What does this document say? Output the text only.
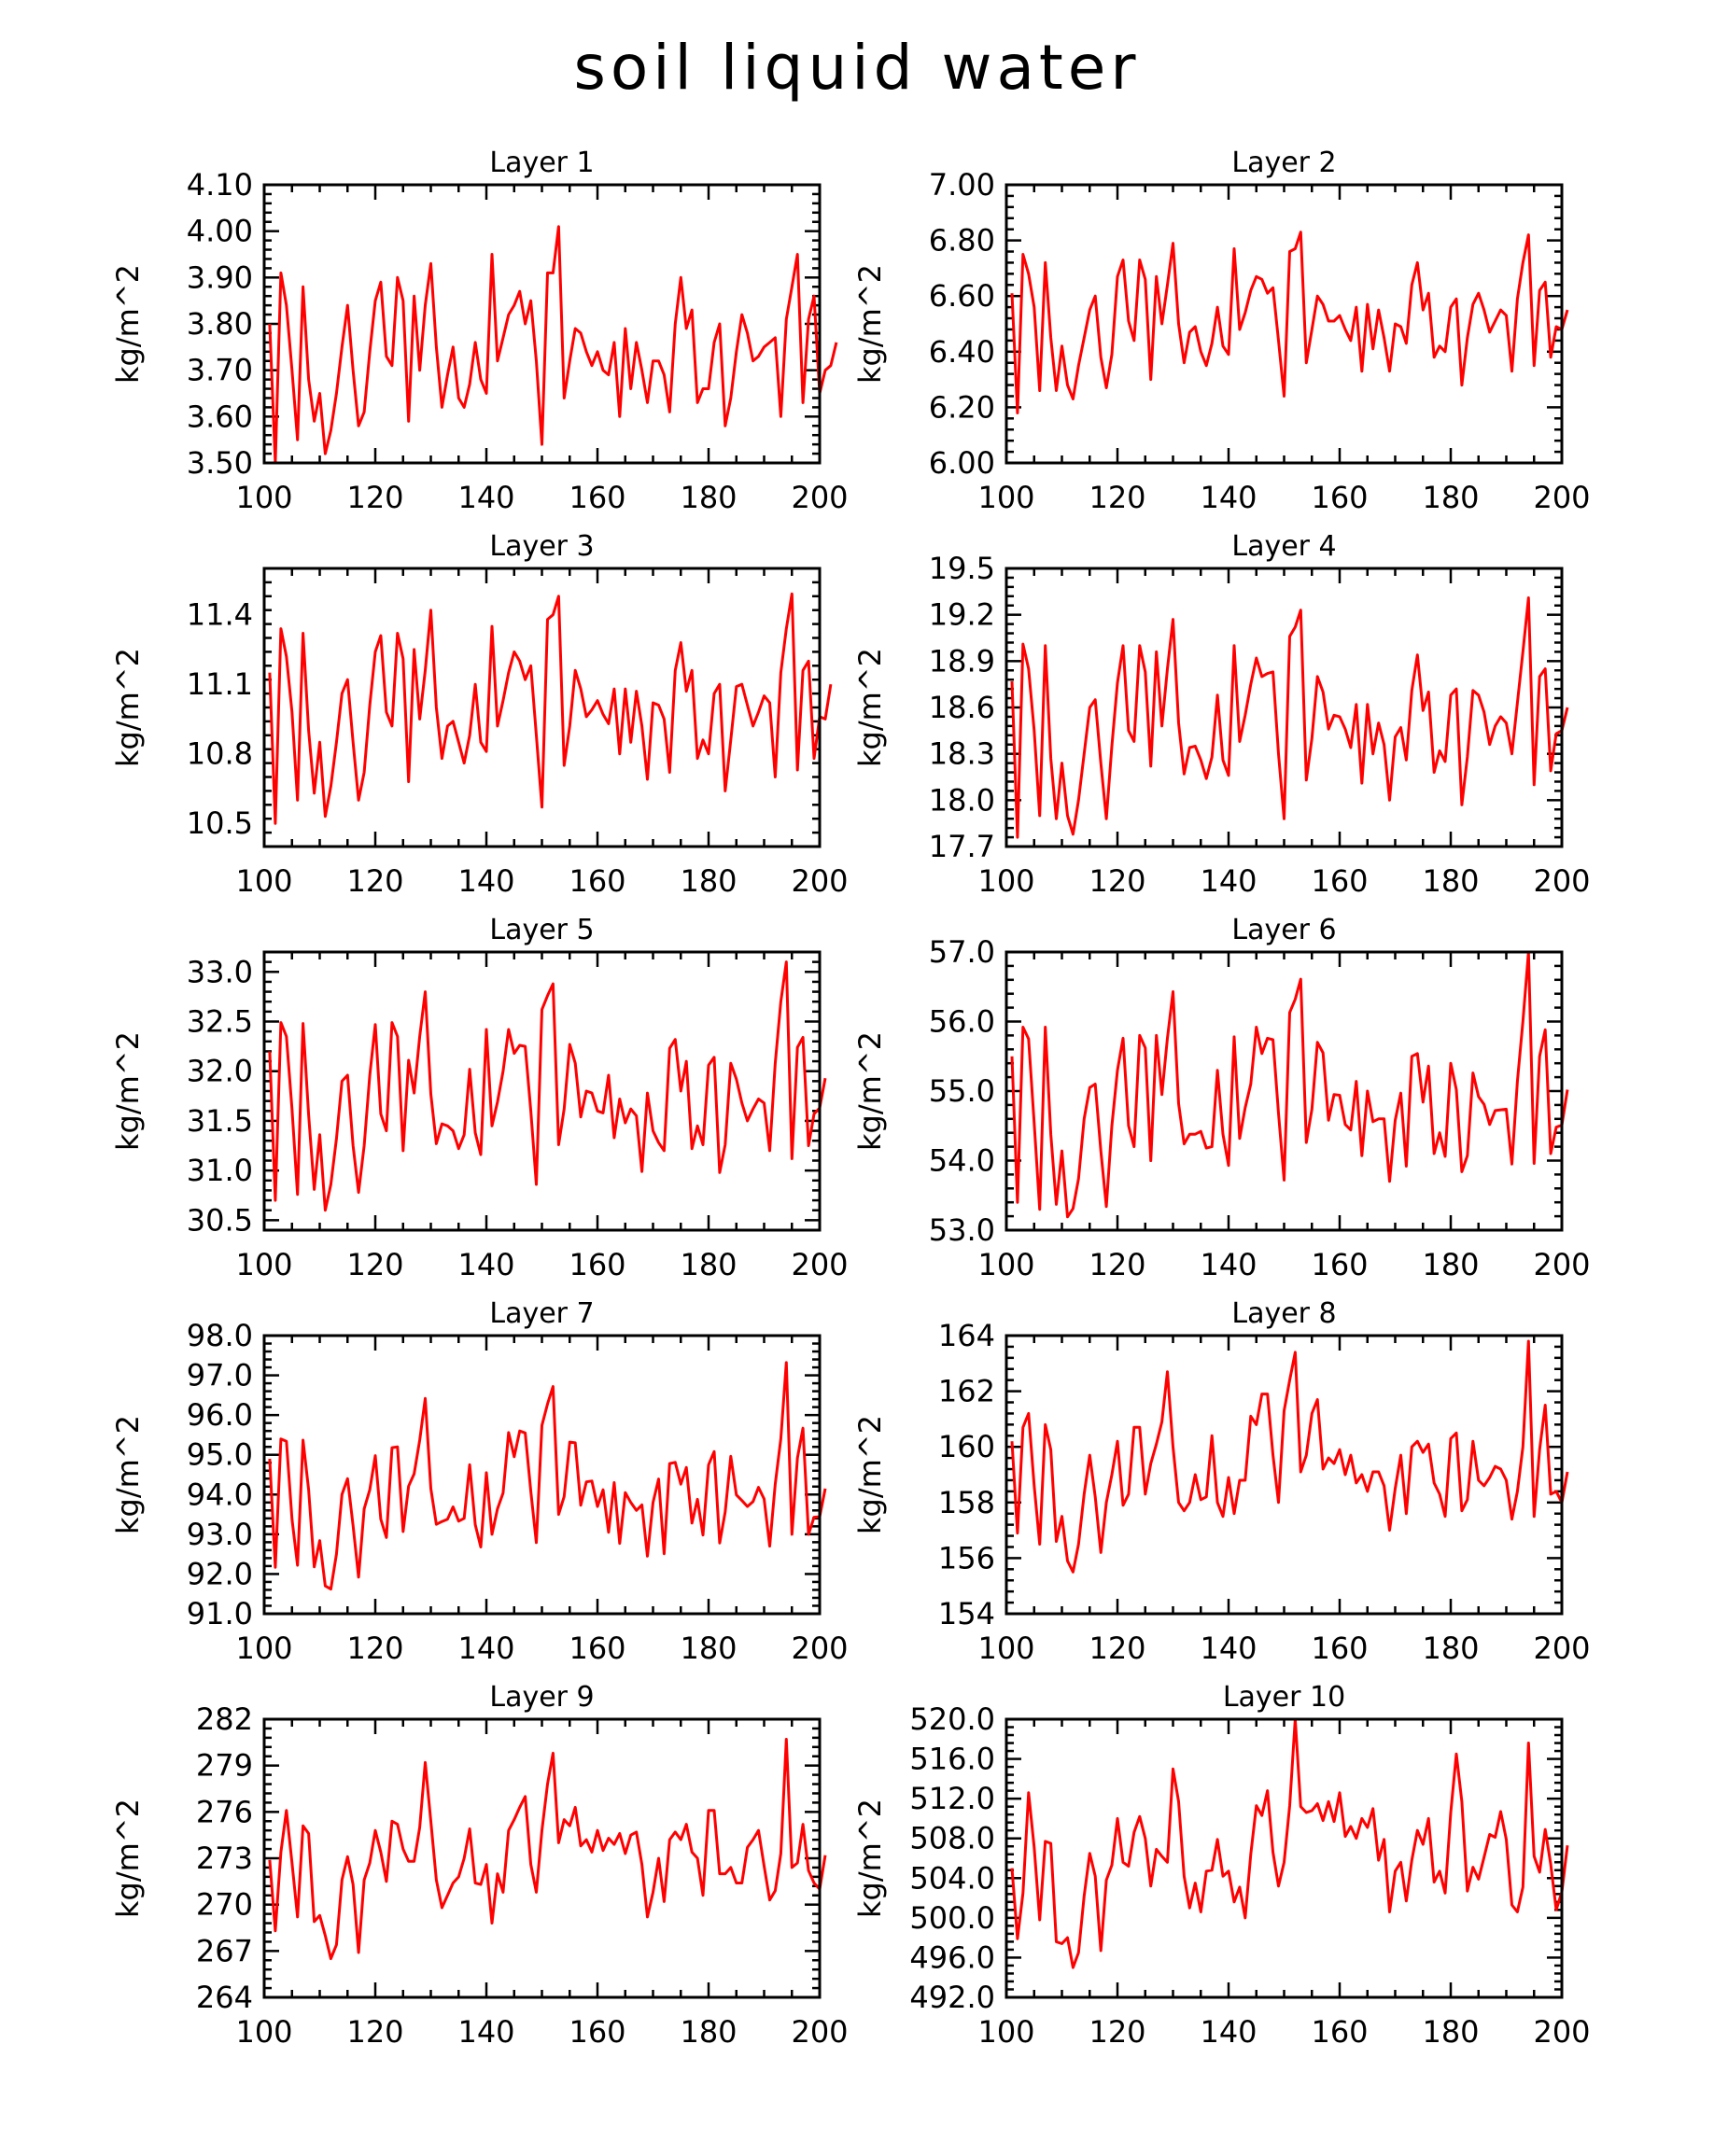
soil liquid water
Layer 1
kg/m^2
100 120 140 160 180 200
3.50
3.60
3.70
3.80
3.90
4.00
4.10
Layer 2
kg/m^2
100 120 140 160 180 200
6.00
6.20
6.40
6.60
6.80
7.00
Layer 3
kg/m^2
100 120 140 160 180 200
10.5
10.8
11.1
11.4
Layer 4
kg/m^2
100 120 140 160 180 200
17.7
18.0
18.3
18.6
18.9
19.2
19.5
Layer 5
kg/m^2
100 120 140 160 180 200
30.5
31.0
31.5
32.0
32.5
33.0
Layer 6
kg/m^2
100 120 140 160 180 200
53.0
54.0
55.0
56.0
57.0
Layer 7
kg/m^2
100 120 140 160 180 200
91.0
92.0
93.0
94.0
95.0
96.0
97.0
98.0
Layer 8
kg/m^2
100 120 140 160 180 200
154
156
158
160
162
164
Layer 9
kg/m^2
100 120 140 160 180 200
264
267
270
273
276
279
282
Layer 10
kg/m^2
100 120 140 160 180 200
492.0
496.0
500.0
504.0
508.0
512.0
516.0
520.0
